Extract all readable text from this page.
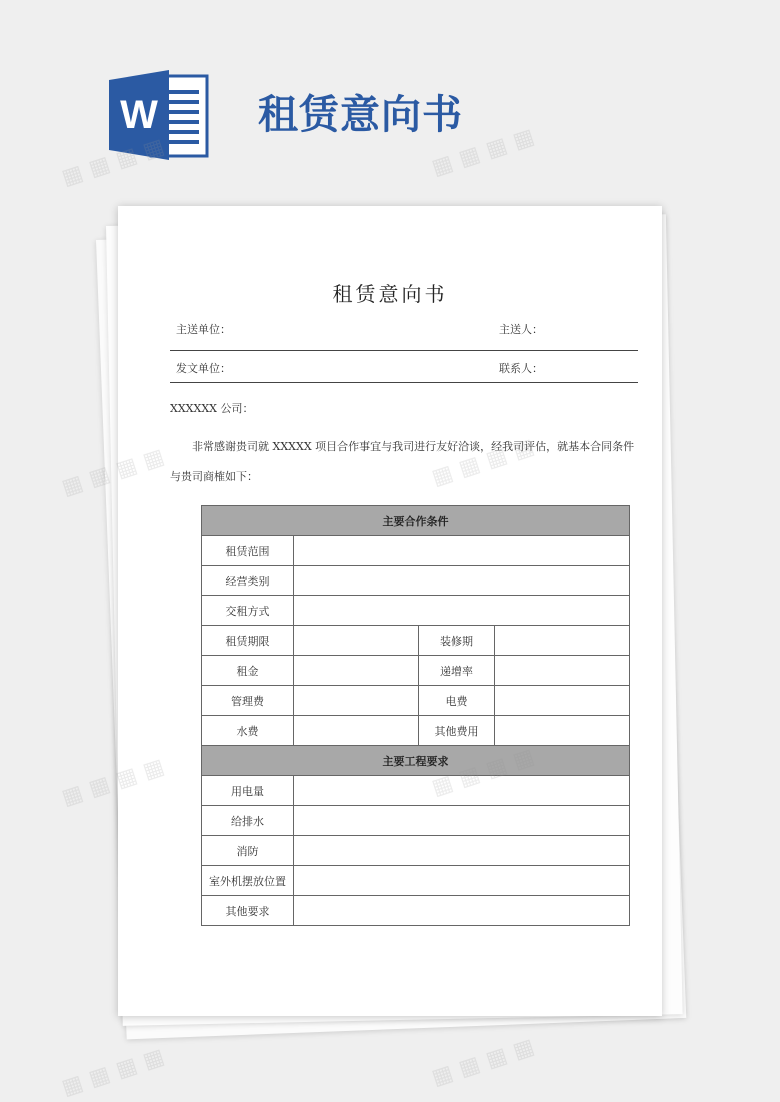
W	租赁意向书
租赁意向书
主送单位：	主送人：
发文单位：	联系人：
XXXXXX 公司：

非常感谢贵司就 XXXXX 项目合作事宜与我司进行友好洽谈，经我司评估，就基本合同条件与贵司商榷如下：

主要合作条件			
租赁范围			
经营类别			
交租方式			
租赁期限		装修期	
租金		递增率	
管理费		电费	
水费		其他费用	
主要工程要求			
用电量			
给排水			
消防			
室外机摆放位置			
其他要求			
▦ ▦ ▦ ▦	▦ ▦ ▦ ▦
▦ ▦
▦ ▦ ▦ ▦
▦ ▦ ▦ ▦	▦ ▦ ▦ ▦
